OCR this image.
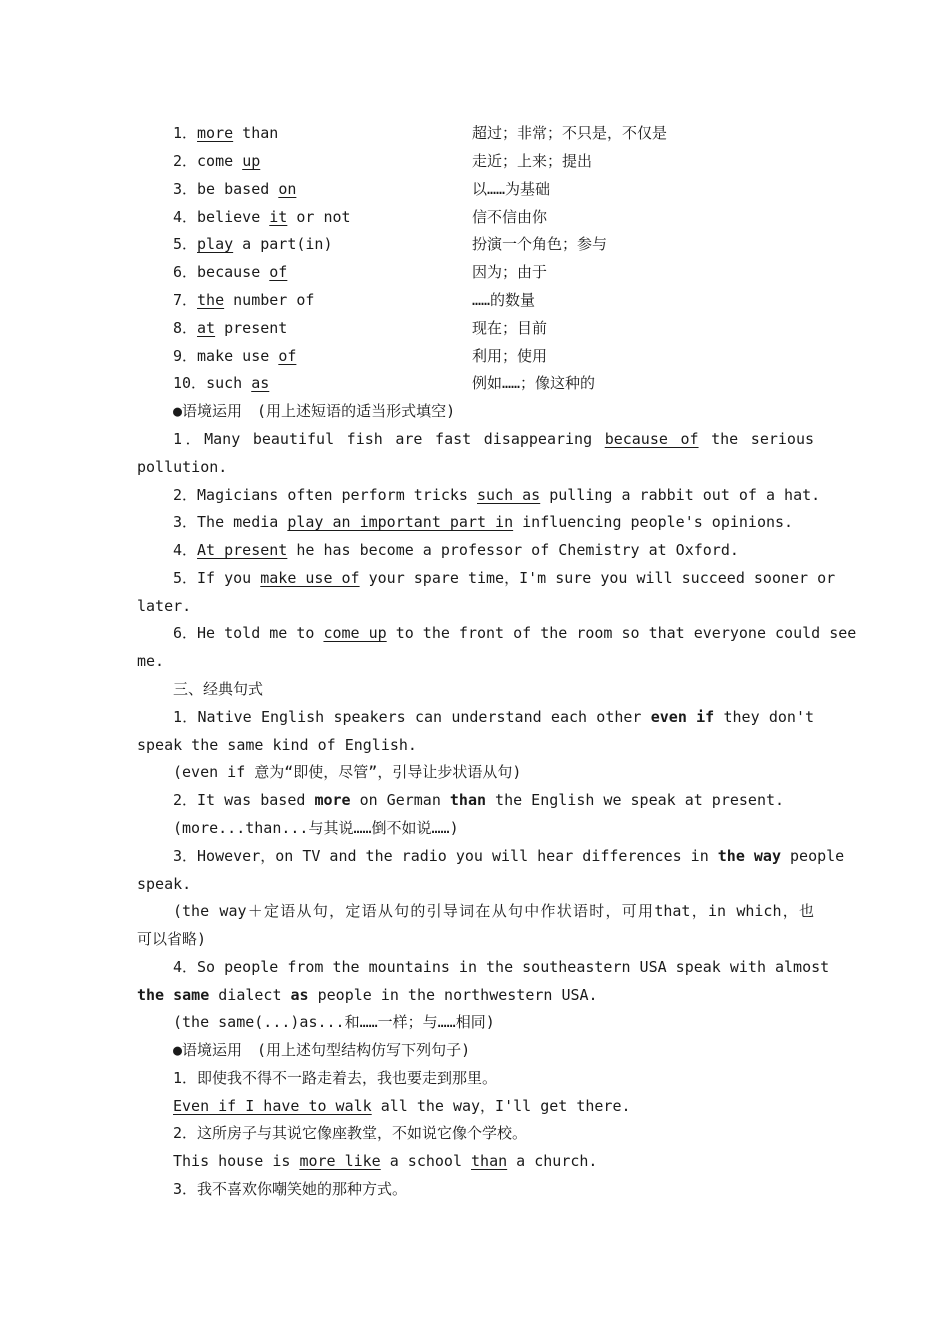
1．more than	超过；非常；不只是，不仅是
2．come up	走近；上来；提出
3．be based on	以……为基础
4．believe it or not	信不信由你
5．play a part(in)	扮演一个角色；参与
6．because of	因为；由于
7．the number of	……的数量
8．at present	现在；目前
9．make use of	利用；使用
10．such as	例如……；像这种的
●语境运用　(用上述短语的适当形式填空)
1．Many beautiful fish are fast disappearing because of the serious
pollution.
2．Magicians often perform tricks such as pulling a rabbit out of a hat.
3．The media play an important part in influencing people's opinions.
4．At present he has become a professor of Chemistry at Oxford.
5．If you make use of your spare time，I'm sure you will succeed sooner or
later.
6．He told me to come up to the front of the room so that everyone could see
me.
三、经典句式
1．Native English speakers can understand each other even if they don't
speak the same kind of English.
(even if 意为“即使，尽管”，引导让步状语从句)
2．It was based more on German than the English we speak at present.
(more...than...与其说……倒不如说……)
3．However，on TV and the radio you will hear differences in the way people
speak.
(the way＋定语从句，定语从句的引导词在从句中作状语时，可用that，in which，也
可以省略)
4．So people from the mountains in the southeastern USA speak with almost
the same dialect as people in the northwestern USA.
(the same(...)as...和……一样；与……相同)
●语境运用　(用上述句型结构仿写下列句子)
1．即使我不得不一路走着去，我也要走到那里。
Even if I have to walk all the way，I'll get there.
2．这所房子与其说它像座教堂，不如说它像个学校。
This house is more like a school than a church.
3．我不喜欢你嘲笑她的那种方式。
